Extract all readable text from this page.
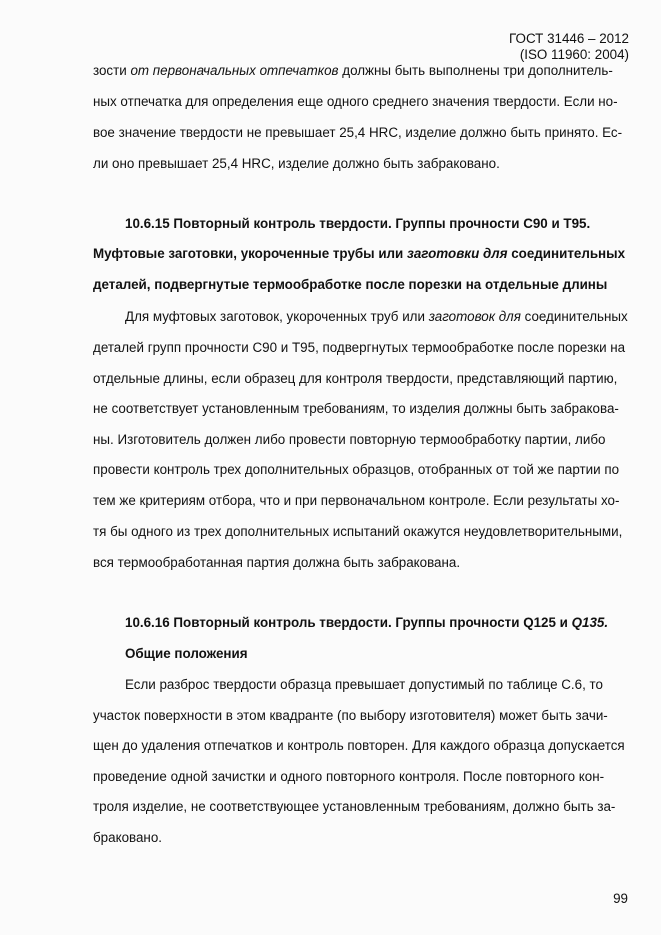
ГОСТ 31446 – 2012
(ISO 11960: 2004)
зости от первоначальных отпечатков должны быть выполнены три дополнитель-
ных отпечатка для определения еще одного среднего значения твердости. Если но-
вое значение твердости не превышает 25,4 HRC, изделие должно быть принято. Ес-
ли оно превышает 25,4 HRC, изделие должно быть забраковано.
10.6.15 Повторный контроль твердости. Группы прочности C90 и T95.
Муфтовые заготовки, укороченные трубы или заготовки для соединительных
деталей, подвергнутые термообработке после порезки на отдельные длины
Для муфтовых заготовок, укороченных труб или заготовок для соединительных
деталей групп прочности C90 и T95, подвергнутых термообработке после порезки на
отдельные длины, если образец для контроля твердости, представляющий партию,
не соответствует установленным требованиям, то изделия должны быть забракова-
ны. Изготовитель должен либо провести повторную термообработку партии, либо
провести контроль трех дополнительных образцов, отобранных от той же партии по
тем же критериям отбора, что и при первоначальном контроле. Если результаты хо-
тя бы одного из трех дополнительных испытаний окажутся неудовлетворительными,
вся термообработанная партия должна быть забракована.
10.6.16 Повторный контроль твердости. Группы прочности Q125 и Q135.
Общие положения
Если разброс твердости образца превышает допустимый по таблице С.6, то
участок поверхности в этом квадранте (по выбору изготовителя) может быть зачи-
щен до удаления отпечатков и контроль повторен. Для каждого образца допускается
проведение одной зачистки и одного повторного контроля. После повторного кон-
троля изделие, не соответствующее установленным требованиям, должно быть за-
браковано.
99
